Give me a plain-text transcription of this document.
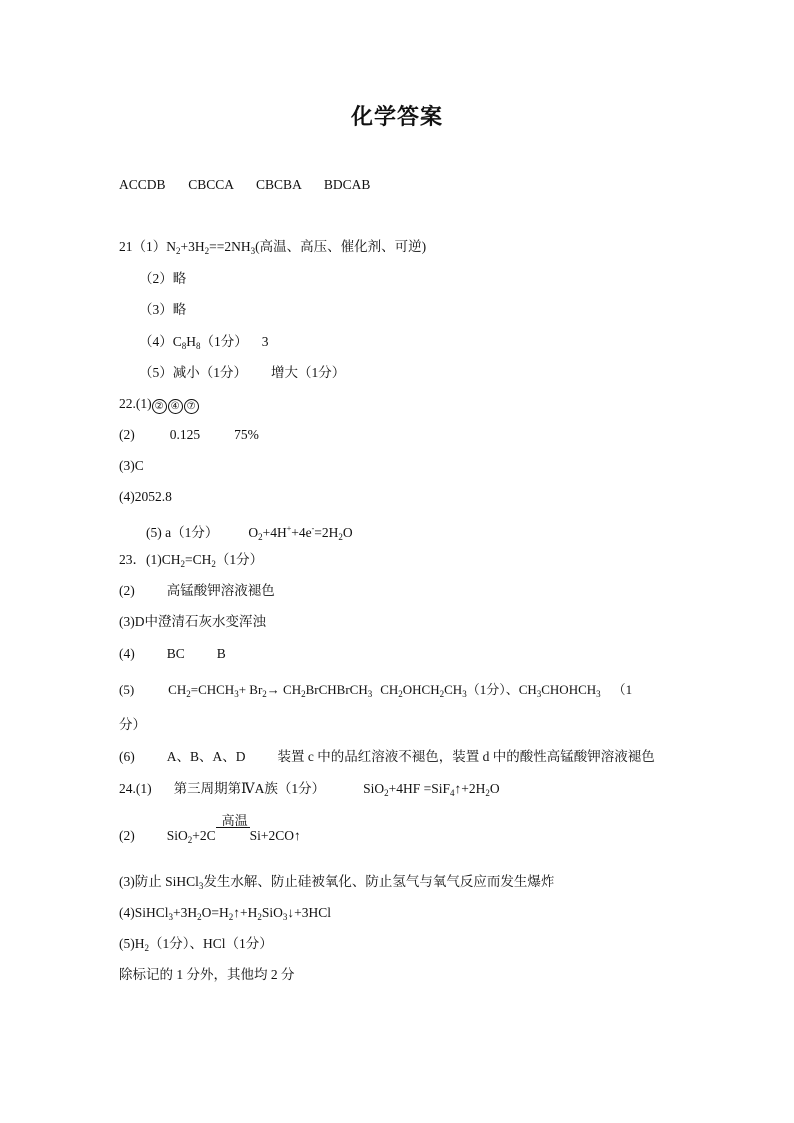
化学答案
ACCDB CBCCA CBCBA BDCAB
$21(1)N_2+3H_2==2NH_3$(高温、高压、催化剂、可逆)
（2）略
（3）略
$(4)C_8H_8(1$分） 3
（5）减小（1分） 增大（1分）
22.(1) ② ④ ⑦
(2)	0.125	75%
(3)C
(4)2052.8
(5) a（1分） $O_2+4H^++4e^-=2H_2O$
23．$(1)CH_2=CH_2(1$分）
(2) 高锰酸钾溶液褪色
(3)D中澄清石灰水变浑浊
(4) BC B
(5)	$CH_2=CHCH_3+ Br_2\to$ $CH_2BrCHBrCH_3$ $CH_2OHCH_2CH_3(1$分）、$CH_3CHOHCH_3$ （1
分）
(6) A、B、A、D 装置 c 中的品红溶液不褪色，装置 d 中的酸性高锰酸钾溶液褪色
24.(1) 第三周期第ⅣA族（1分）	$SiO_2+4HF =SiF_4↑+2H_2O$
(2) SiO$_2$+2C
高温
Si+2CO↑
(3)防止 SiHCl$_3$发生水解、防止硅被氧化、防止氢气与氧气反应而发生爆炸
$(4)SiHCl_3+3H_2O=H_2↑+H_2SiO_3↓+3HCl$
$(5)H_2(1$分）、HCl（1分）
除标记的 1 分外，其他均 2 分
